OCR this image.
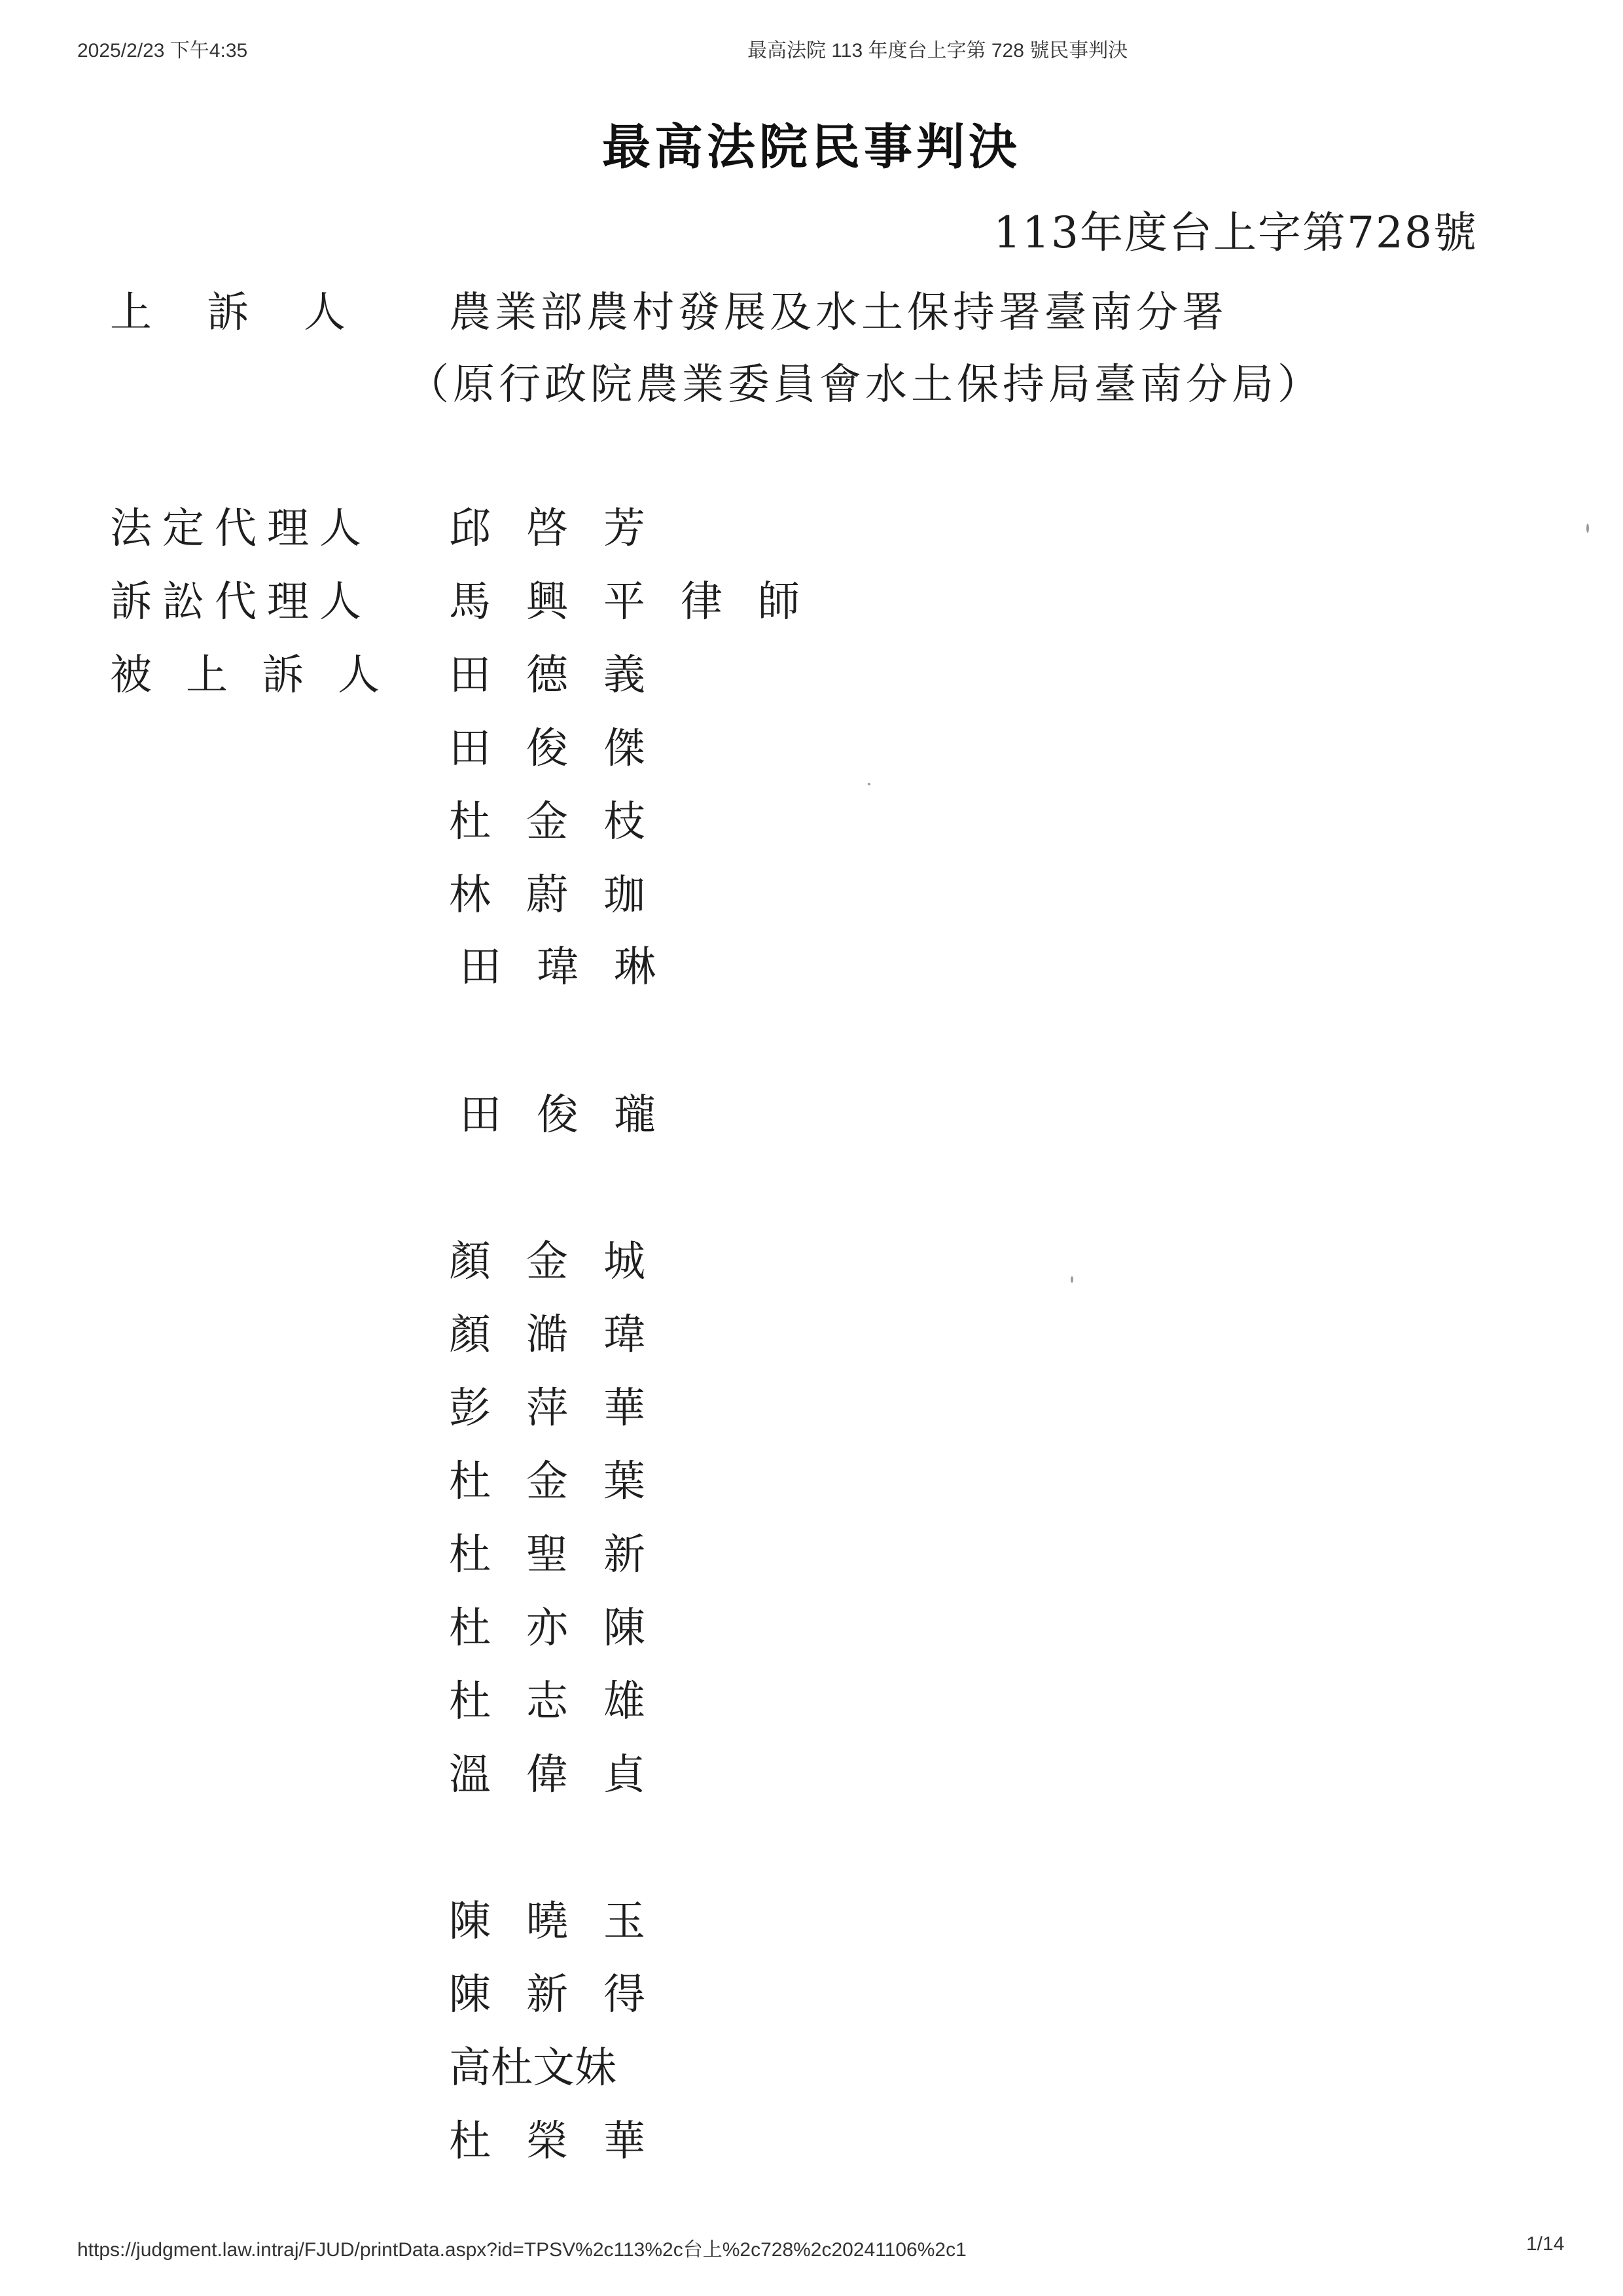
2025/2/23 下午4:35	最高法院 113 年度台上字第 728 號民事判決
最高法院民事判決
113年度台上字第728號
上　訴　人 農業部農村發展及水土保持署臺南分署
（原行政院農業委員會水土保持局臺南分局）
法定代理人 邱啓芳
訴訟代理人 馬興平律師
被上訴人 田德義
田俊傑
杜金枝
林蔚珈
田瑋琳
田俊瓏
顏金城
顏澔瑋
彭萍華
杜金葉
杜聖新
杜亦陳
杜志雄
溫偉貞
陳曉玉
陳新得
高杜文妹
杜榮華
https://judgment.law.intraj/FJUD/printData.aspx?id=TPSV%2c113%2c台上%2c728%2c20241106%2c1	1/14
